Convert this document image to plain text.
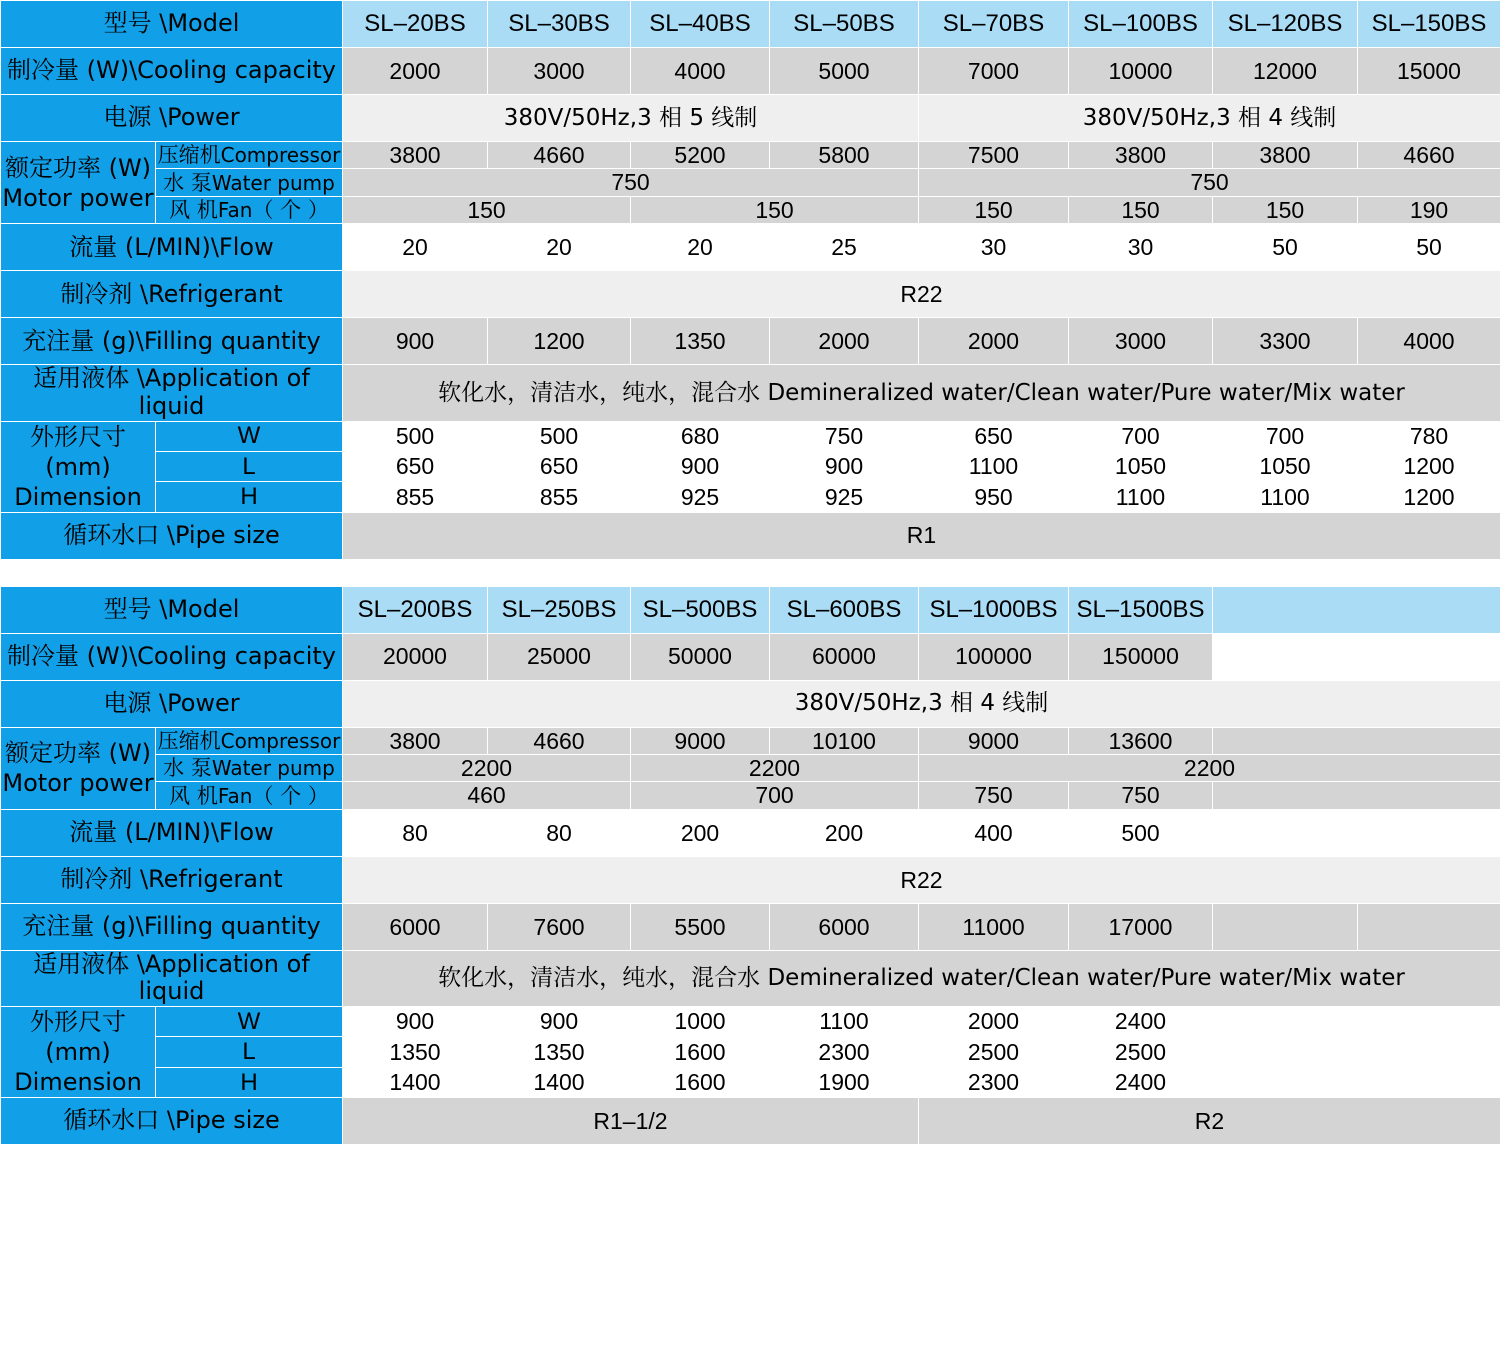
型号 \Model		SL–20BS	SL–30BS	SL–40BS	SL–50BS	SL–70BS	SL–100BS	SL–120BS	SL–150BS
制冷量 (W)\Cooling capacity		2000	3000	4000	5000	7000	10000	12000	15000
电源 \Power		380V/50Hz,3 相 5 线制				380V/50Hz,3 相 4 线制			

额定功率 (W)
Motor power	压缩机Compressor	3800	4660	5200	5800	7500	3800	3800	4660
	水 泵Water pump	750				750			
	风 机Fan（ 个 ）	150		150		150	150	150	190
流量 (L/MIN)\Flow		20	20	20	25	30	30	50	50
制冷剂 \Refrigerant		R22							
充注量 (g)\Filling quantity		900	1200	1350	2000	2000	3000	3300	4000
适用液体 \Application of liquid		软化水，清洁水，纯水，混合水 Demineralized water/Clean water/Pure water/Mix water							

外形尺寸 (mm)
Dimension	W	500	500	680	750	650	700	700	780
	L	650	650	900	900	1100	1050	1050	1200
	H	855	855	925	925	950	1100	1100	1200
循环水口 \Pipe size		R1							
型号 \Model		SL–200BS	SL–250BS	SL–500BS	SL–600BS	SL–1000BS	SL–1500BS		
制冷量 (W)\Cooling capacity		20000	25000	50000	60000	100000	150000		
电源 \Power		380V/50Hz,3 相 4 线制							

额定功率 (W)
Motor power	压缩机Compressor	3800	4660	9000	10100	9000	13600		
	水 泵Water pump	2200		2200		2200			
	风 机Fan（ 个 ）	460		700		750	750		
流量 (L/MIN)\Flow		80	80	200	200	400	500		
制冷剂 \Refrigerant		R22							
充注量 (g)\Filling quantity		6000	7600	5500	6000	11000	17000		
适用液体 \Application of liquid		软化水，清洁水，纯水，混合水 Demineralized water/Clean water/Pure water/Mix water							

外形尺寸 (mm)
Dimension	W	900	900	1000	1100	2000	2400		
	L	1350	1350	1600	2300	2500	2500		
	H	1400	1400	1600	1900	2300	2400		
循环水口 \Pipe size		R1–1/2				R2			
